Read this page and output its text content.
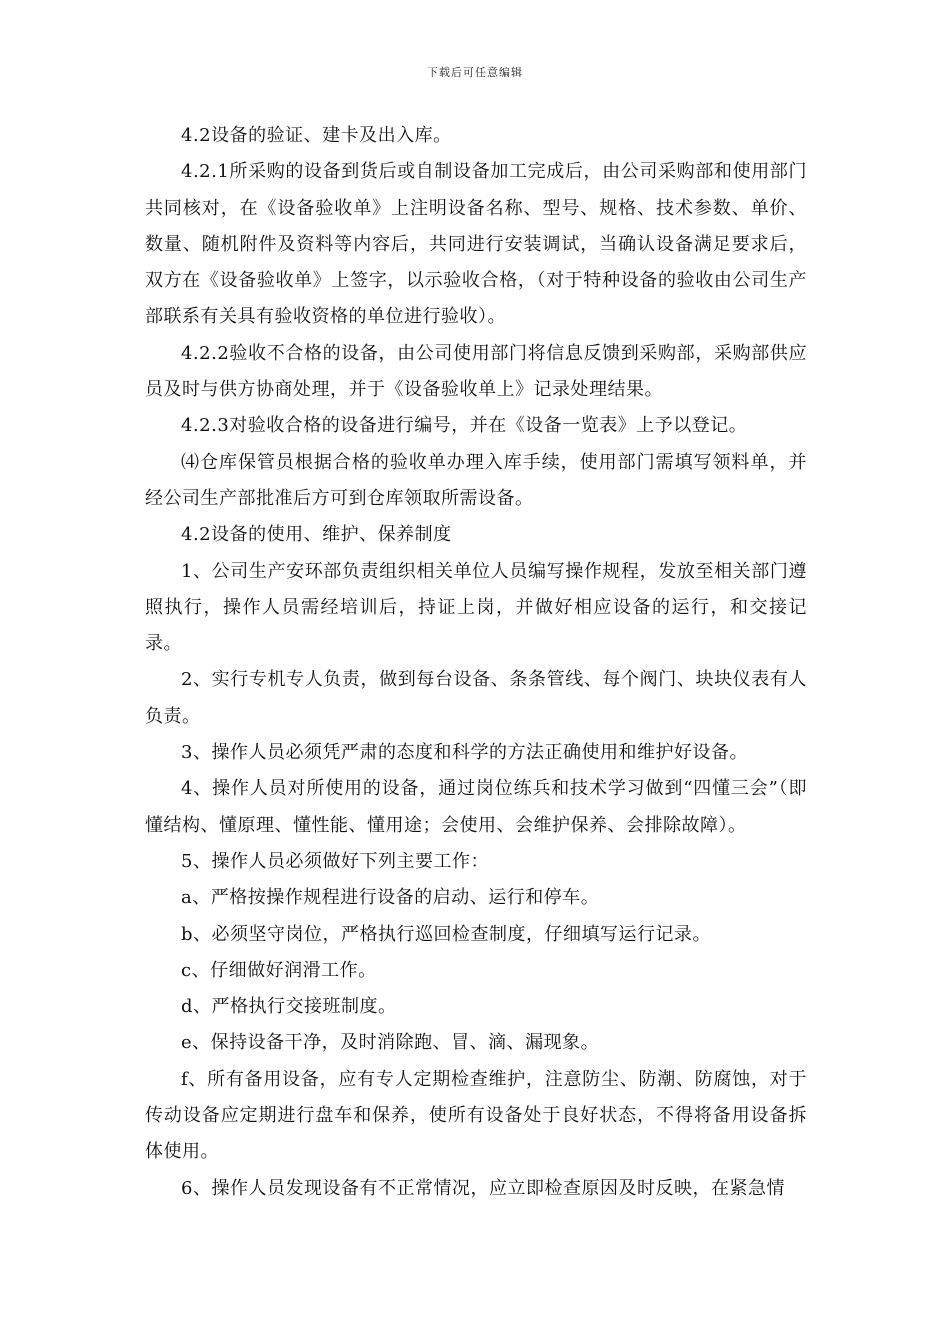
下载后可任意编辑

4.2设备的验证、建卡及出入库。

4.2.1所采购的设备到货后或自制设备加工完成后，由公司采购部和使用部门共同核对，在《设备验收单》上注明设备名称、型号、规格、技术参数、单价、数量、随机附件及资料等内容后，共同进行安装调试，当确认设备满足要求后，双方在《设备验收单》上签字，以示验收合格，（对于特种设备的验收由公司生产部联系有关具有验收资格的单位进行验收）。

4.2.2验收不合格的设备，由公司使用部门将信息反馈到采购部，采购部供应员及时与供方协商处理，并于《设备验收单上》记录处理结果。

4.2.3对验收合格的设备进行编号，并在《设备一览表》上予以登记。

⑷仓库保管员根据合格的验收单办理入库手续，使用部门需填写领料单，并经公司生产部批准后方可到仓库领取所需设备。

4.2设备的使用、维护、保养制度

1、公司生产安环部负责组织相关单位人员编写操作规程，发放至相关部门遵照执行，操作人员需经培训后，持证上岗，并做好相应设备的运行，和交接记录。

2、实行专机专人负责，做到每台设备、条条管线、每个阀门、块块仪表有人负责。

3、操作人员必须凭严肃的态度和科学的方法正确使用和维护好设备。

4、操作人员对所使用的设备，通过岗位练兵和技术学习做到“四懂三会”（即懂结构、懂原理、懂性能、懂用途；会使用、会维护保养、会排除故障）。

5、操作人员必须做好下列主要工作：

a、严格按操作规程进行设备的启动、运行和停车。

b、必须坚守岗位，严格执行巡回检查制度，仔细填写运行记录。

c、仔细做好润滑工作。

d、严格执行交接班制度。

e、保持设备干净，及时消除跑、冒、滴、漏现象。

f、所有备用设备，应有专人定期检查维护，注意防尘、防潮、防腐蚀，对于传动设备应定期进行盘车和保养，使所有设备处于良好状态，不得将备用设备拆体使用。

6、操作人员发现设备有不正常情况，应立即检查原因及时反映，在紧急情
